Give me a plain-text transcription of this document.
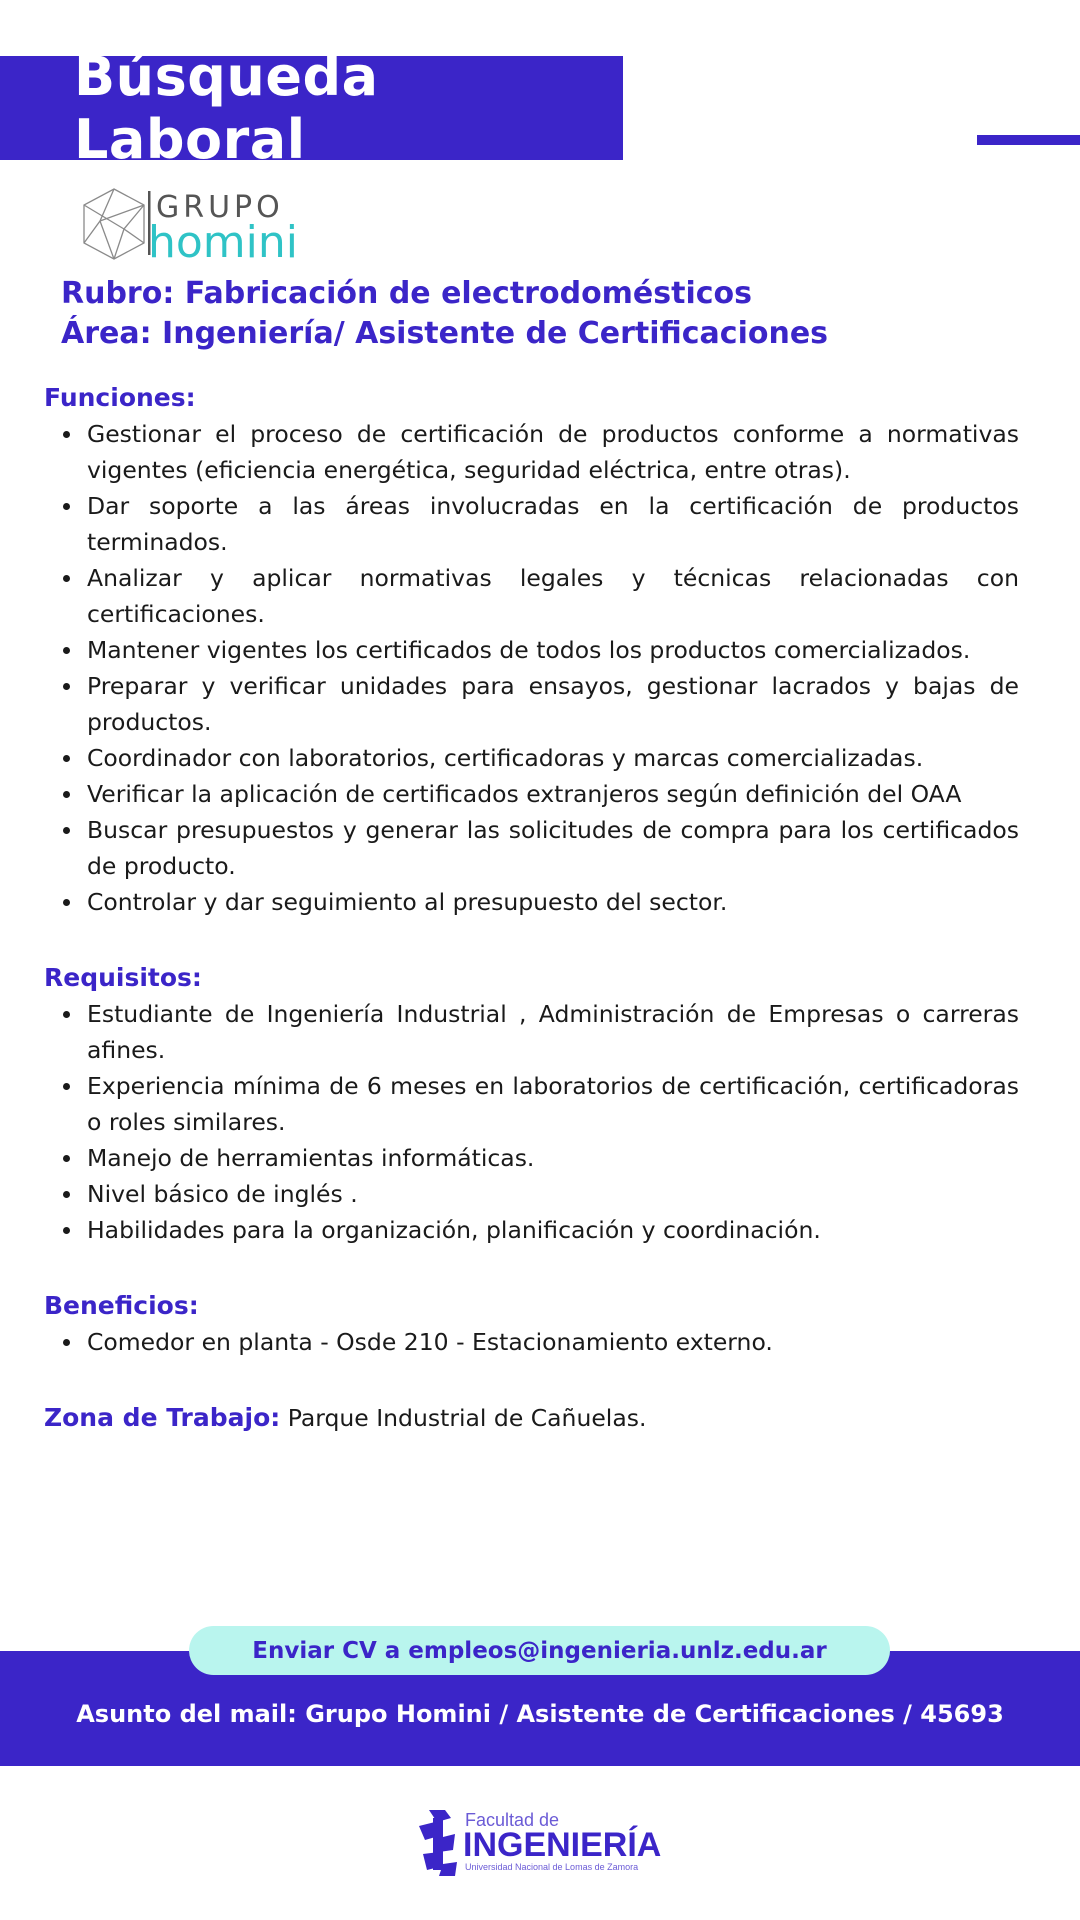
Búsqueda Laboral
GRUPO
homini
Rubro: Fabricación de electrodomésticos
Área: Ingeniería/ Asistente de Certificaciones

Funciones:

Gestionar el proceso de certificación de productos conforme a normativas vigentes (eficiencia energética, seguridad eléctrica, entre otras).
Dar soporte a las áreas involucradas en la certificación de productos terminados.
Analizar y aplicar normativas legales y técnicas relacionadas con certificaciones.
Mantener vigentes los certificados de todos los productos comercializados.
Preparar y verificar unidades para ensayos, gestionar lacrados y bajas de productos.
Coordinador con laboratorios, certificadoras y marcas comercializadas.
Verificar la aplicación de certificados extranjeros según definición del OAA
Buscar presupuestos y generar las solicitudes de compra para los certificados de producto.
Controlar y dar seguimiento al presupuesto del sector.

Requisitos:

Estudiante de Ingeniería Industrial , Administración de Empresas o carreras afines.
Experiencia mínima de 6 meses en laboratorios de certificación, certificadoras o roles similares.
Manejo de herramientas informáticas.
Nivel básico de inglés .
Habilidades para la organización, planificación y coordinación.

Beneficios:

Comedor en planta - Osde 210 - Estacionamiento externo.
Zona de Trabajo: Parque Industrial de Cañuelas.
Enviar CV a empleos@ingenieria.unlz.edu.ar
Asunto del mail: Grupo Homini / Asistente de Certificaciones / 45693
Facultad de
INGENIERÍA
Universidad Nacional de Lomas de Zamora
